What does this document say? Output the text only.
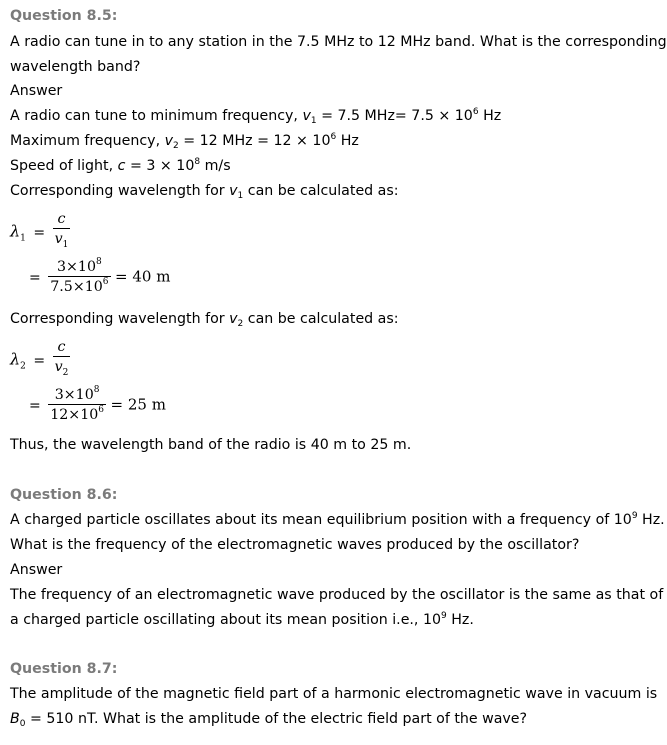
Question 8.5:
A radio can tune in to any station in the 7.5 MHz to 12 MHz band. What is the corresponding
wavelength band?
Answer
A radio can tune to minimum frequency, $v_1 = 7.5$ $MHz= 7.5 \times 10^6$ Hz
Maximum frequency, $v_2 = 12$ MHz = $12 \times 10^6$ Hz
Speed of light, $c = 3 \times 10^8$ m/s
Corresponding wavelength for $v_1$ can be calculated as:
$\lambda_1 = \frac{c}{v_1}$
= $\frac{3\times 10^8}{7.5\times 10^6} = 40$ m
Corresponding wavelength for $v_2$ can be calculated as:
$\lambda_2 = \frac{c}{v_2}$
= $\frac{3\times 10^8}{12\times 10^6} = 25$ m
Thus, the wavelength band of the radio is 40 m to 25 m.
Question 8.6:
A charged particle oscillates about its mean equilibrium position with a frequency of $10^9$ Hz.
What is the frequency of the electromagnetic waves produced by the oscillator?
Answer
The frequency of an electromagnetic wave produced by the oscillator is the same as that of
a charged particle oscillating about its mean position i.e., $10^9$ Hz.
Question 8.7:
The amplitude of the magnetic field part of a harmonic electromagnetic wave in vacuum is
$B_0 = 510$ nT. What is the amplitude of the electric field part of the wave?
